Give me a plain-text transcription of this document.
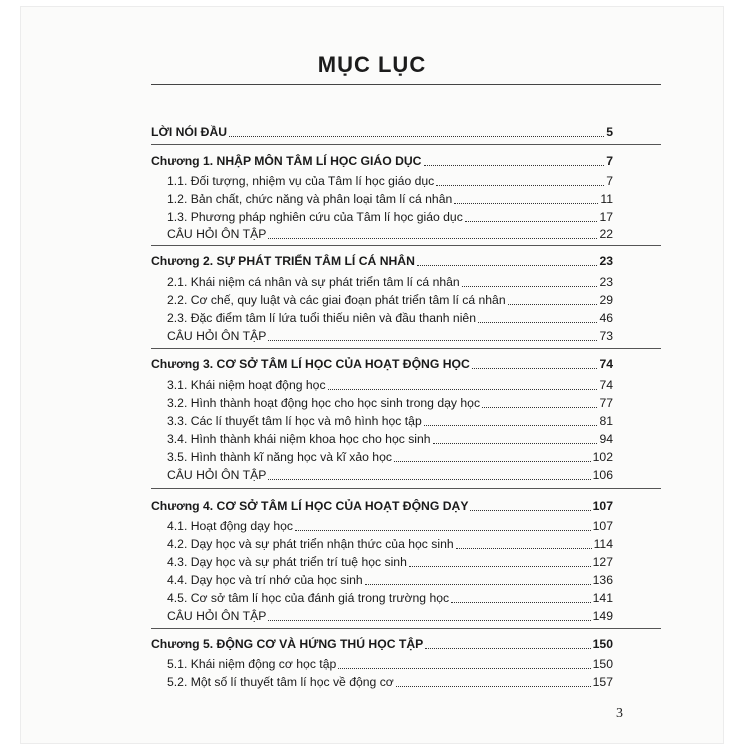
MỤC LỤC
LỜI NÓI ĐẦU	5
Chương 1. NHẬP MÔN TÂM LÍ HỌC GIÁO DỤC	7
1.1. Đối tượng, nhiệm vụ của Tâm lí học giáo dục	7
1.2. Bản chất, chức năng và phân loại tâm lí cá nhân	11
1.3. Phương pháp nghiên cứu của Tâm lí học giáo dục	17
CÂU HỎI ÔN TẬP	22
Chương 2. SỰ PHÁT TRIỂN TÂM LÍ CÁ NHÂN	23
2.1. Khái niệm cá nhân và sự phát triển tâm lí cá nhân	23
2.2. Cơ chế, quy luật và các giai đoạn phát triển tâm lí cá nhân	29
2.3. Đặc điểm tâm lí lứa tuổi thiếu niên và đầu thanh niên	46
CÂU HỎI ÔN TẬP	73
Chương 3. CƠ SỞ TÂM LÍ HỌC CỦA HOẠT ĐỘNG HỌC	74
3.1. Khái niệm hoạt động học	74
3.2. Hình thành hoạt động học cho học sinh trong dạy học	77
3.3. Các lí thuyết tâm lí học và mô hình học tập	81
3.4. Hình thành khái niệm khoa học cho học sinh	94
3.5. Hình thành kĩ năng học và kĩ xảo học	102
CÂU HỎI ÔN TẬP	106
Chương 4. CƠ SỞ TÂM LÍ HỌC CỦA HOẠT ĐỘNG DẠY	107
4.1. Hoạt động dạy học	107
4.2. Dạy học và sự phát triển nhận thức của học sinh	114
4.3. Dạy học và sự phát triển trí tuệ học sinh	127
4.4. Dạy học và trí nhớ của học sinh	136
4.5. Cơ sở tâm lí học của đánh giá trong trường học	141
CÂU HỎI ÔN TẬP	149
Chương 5. ĐỘNG CƠ VÀ HỨNG THÚ HỌC TẬP	150
5.1. Khái niệm động cơ học tập	150
5.2. Một số lí thuyết tâm lí học về động cơ	157
3
